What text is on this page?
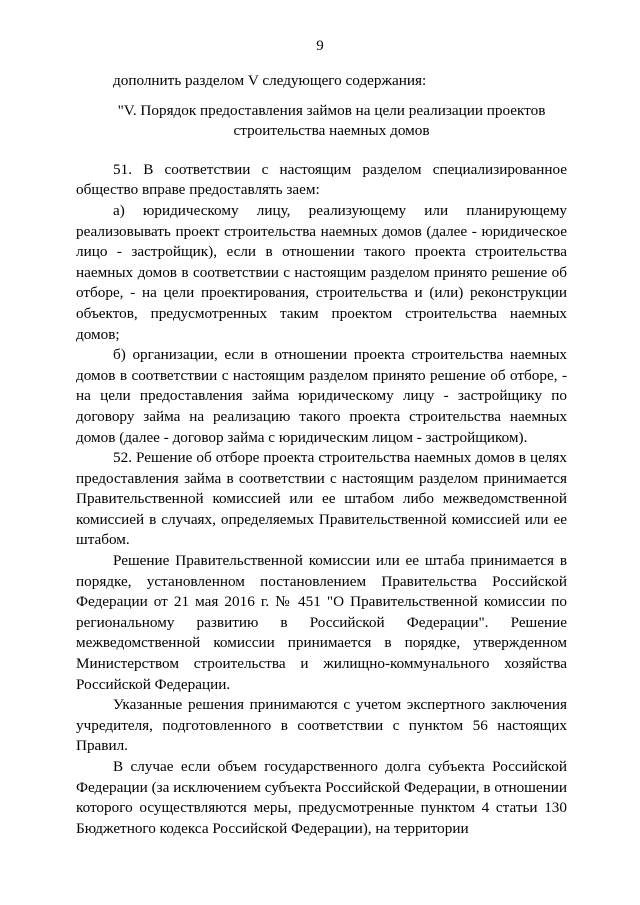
9

дополнить разделом V следующего содержания:

"V. Порядок предоставления займов на цели реализации проектов строительства наемных домов

51. В соответствии с настоящим разделом специализированное общество вправе предоставлять заем:

а) юридическому лицу, реализующему или планирующему реализовывать проект строительства наемных домов (далее - юридическое лицо - застройщик), если в отношении такого проекта строительства наемных домов в соответствии с настоящим разделом принято решение об отборе, - на цели проектирования, строительства и (или) реконструкции объектов, предусмотренных таким проектом строительства наемных домов;

б) организации, если в отношении проекта строительства наемных домов в соответствии с настоящим разделом принято решение об отборе, - на цели предоставления займа юридическому лицу - застройщику по договору займа на реализацию такого проекта строительства наемных домов (далее - договор займа с юридическим лицом - застройщиком).

52. Решение об отборе проекта строительства наемных домов в целях предоставления займа в соответствии с настоящим разделом принимается Правительственной комиссией или ее штабом либо межведомственной комиссией в случаях, определяемых Правительственной комиссией или ее штабом.

Решение Правительственной комиссии или ее штаба принимается в порядке, установленном постановлением Правительства Российской Федерации от 21 мая 2016 г. № 451 "О Правительственной комиссии по региональному развитию в Российской Федерации". Решение межведомственной комиссии принимается в порядке, утвержденном Министерством строительства и жилищно-коммунального хозяйства Российской Федерации.

Указанные решения принимаются с учетом экспертного заключения учредителя, подготовленного в соответствии с пунктом 56 настоящих Правил.

В случае если объем государственного долга субъекта Российской Федерации (за исключением субъекта Российской Федерации, в отношении которого осуществляются меры, предусмотренные пунктом 4 статьи 130 Бюджетного кодекса Российской Федерации), на территории
